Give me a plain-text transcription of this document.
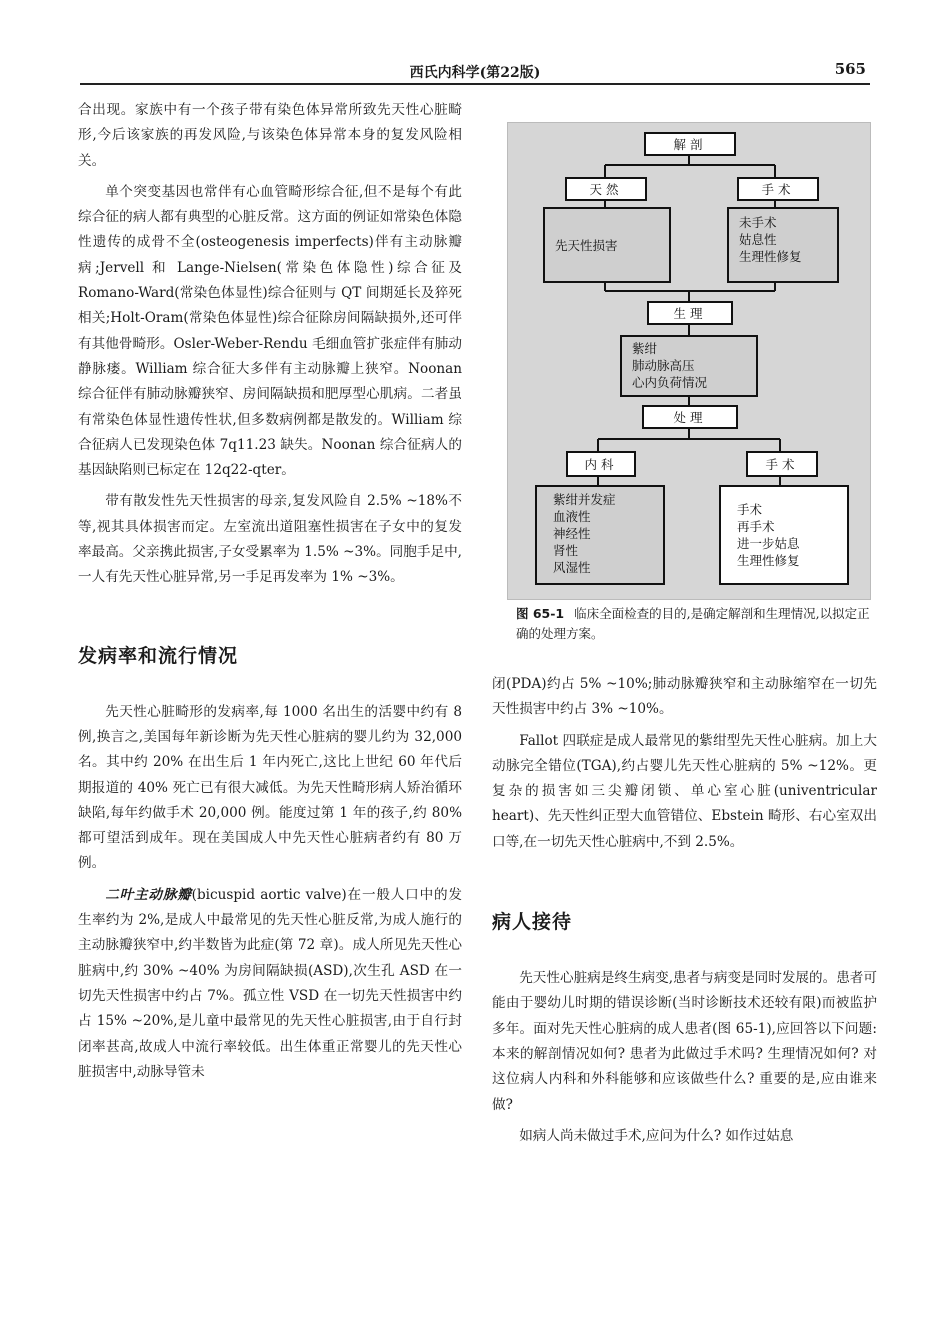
西氏内科学(第22版)	565

合出现。家族中有一个孩子带有染色体异常所致先天性心脏畸形,今后该家族的再发风险,与该染色体异常本身的复发风险相关。

单个突变基因也常伴有心血管畸形综合征,但不是每个有此综合征的病人都有典型的心脏反常。这方面的例证如常染色体隐性遗传的成骨不全(osteogenesis imperfects)伴有主动脉瓣病;Jervell 和 Lange-Nielsen(常染色体隐性)综合征及 Romano-Ward(常染色体显性)综合征则与 QT 间期延长及猝死相关;Holt-Oram(常染色体显性)综合征除房间隔缺损外,还可伴有其他骨畸形。Osler-Weber-Rendu 毛细血管扩张症伴有肺动静脉瘘。William 综合征大多伴有主动脉瓣上狭窄。Noonan 综合征伴有肺动脉瓣狭窄、房间隔缺损和肥厚型心肌病。二者虽有常染色体显性遗传性状,但多数病例都是散发的。William 综合征病人已发现染色体 7q11.23 缺失。Noonan 综合征病人的基因缺陷则已标定在 12q22-qter。

带有散发性先天性损害的母亲,复发风险自 2.5% ~18%不等,视其具体损害而定。左室流出道阻塞性损害在子女中的复发率最高。父亲携此损害,子女受累率为 1.5% ~3%。同胞手足中,一人有先天性心脏异常,另一手足再发率为 1% ~3%。

发病率和流行情况

先天性心脏畸形的发病率,每 1000 名出生的活婴中约有 8 例,换言之,美国每年新诊断为先天性心脏病的婴儿约为 32,000 名。其中约 20% 在出生后 1 年内死亡,这比上世纪 60 年代后期报道的 40% 死亡已有很大减低。为先天性畸形病人矫治循环缺陷,每年约做手术 20,000 例。能度过第 1 年的孩子,约 80% 都可望活到成年。现在美国成人中先天性心脏病者约有 80 万例。

二叶主动脉瓣(bicuspid aortic valve)在一般人口中的发生率约为 2%,是成人中最常见的先天性心脏反常,为成人施行的主动脉瓣狭窄中,约半数皆为此症(第 72 章)。成人所见先天性心脏病中,约 30% ~40% 为房间隔缺损(ASD),次生孔 ASD 在一切先天性损害中约占 7%。孤立性 VSD 在一切先天性损害中约占 15% ~20%,是儿童中最常见的先天性心脏损害,由于自行封闭率甚高,故成人中流行率较低。出生体重正常婴儿的先天性心脏损害中,动脉导管未

解剖
天然	手术
先天性损害
未手术
姑息性
生理性修复
生理
紫绀
肺动脉高压
心内负荷情况
处理
内科	手术
紫绀并发症
血液性
神经性
肾性
风湿性
手术
再手术
进一步姑息
生理性修复
图 65-1 临床全面检查的目的,是确定解剖和生理情况,以拟定正确的处理方案。

闭(PDA)约占 5% ~10%;肺动脉瓣狭窄和主动脉缩窄在一切先天性损害中约占 3% ~10%。

Fallot 四联症是成人最常见的紫绀型先天性心脏病。加上大动脉完全错位(TGA),约占婴儿先天性心脏病的 5% ~12%。更复杂的损害如三尖瓣闭锁、单心室心脏(univentricular heart)、先天性纠正型大血管错位、Ebstein 畸形、右心室双出口等,在一切先天性心脏病中,不到 2.5%。

病人接待

先天性心脏病是终生病变,患者与病变是同时发展的。患者可能由于婴幼儿时期的错误诊断(当时诊断技术还较有限)而被监护多年。面对先天性心脏病的成人患者(图 65-1),应回答以下问题:本来的解剖情况如何? 患者为此做过手术吗? 生理情况如何? 对这位病人内科和外科能够和应该做些什么? 重要的是,应由谁来做?

如病人尚未做过手术,应问为什么? 如作过姑息
